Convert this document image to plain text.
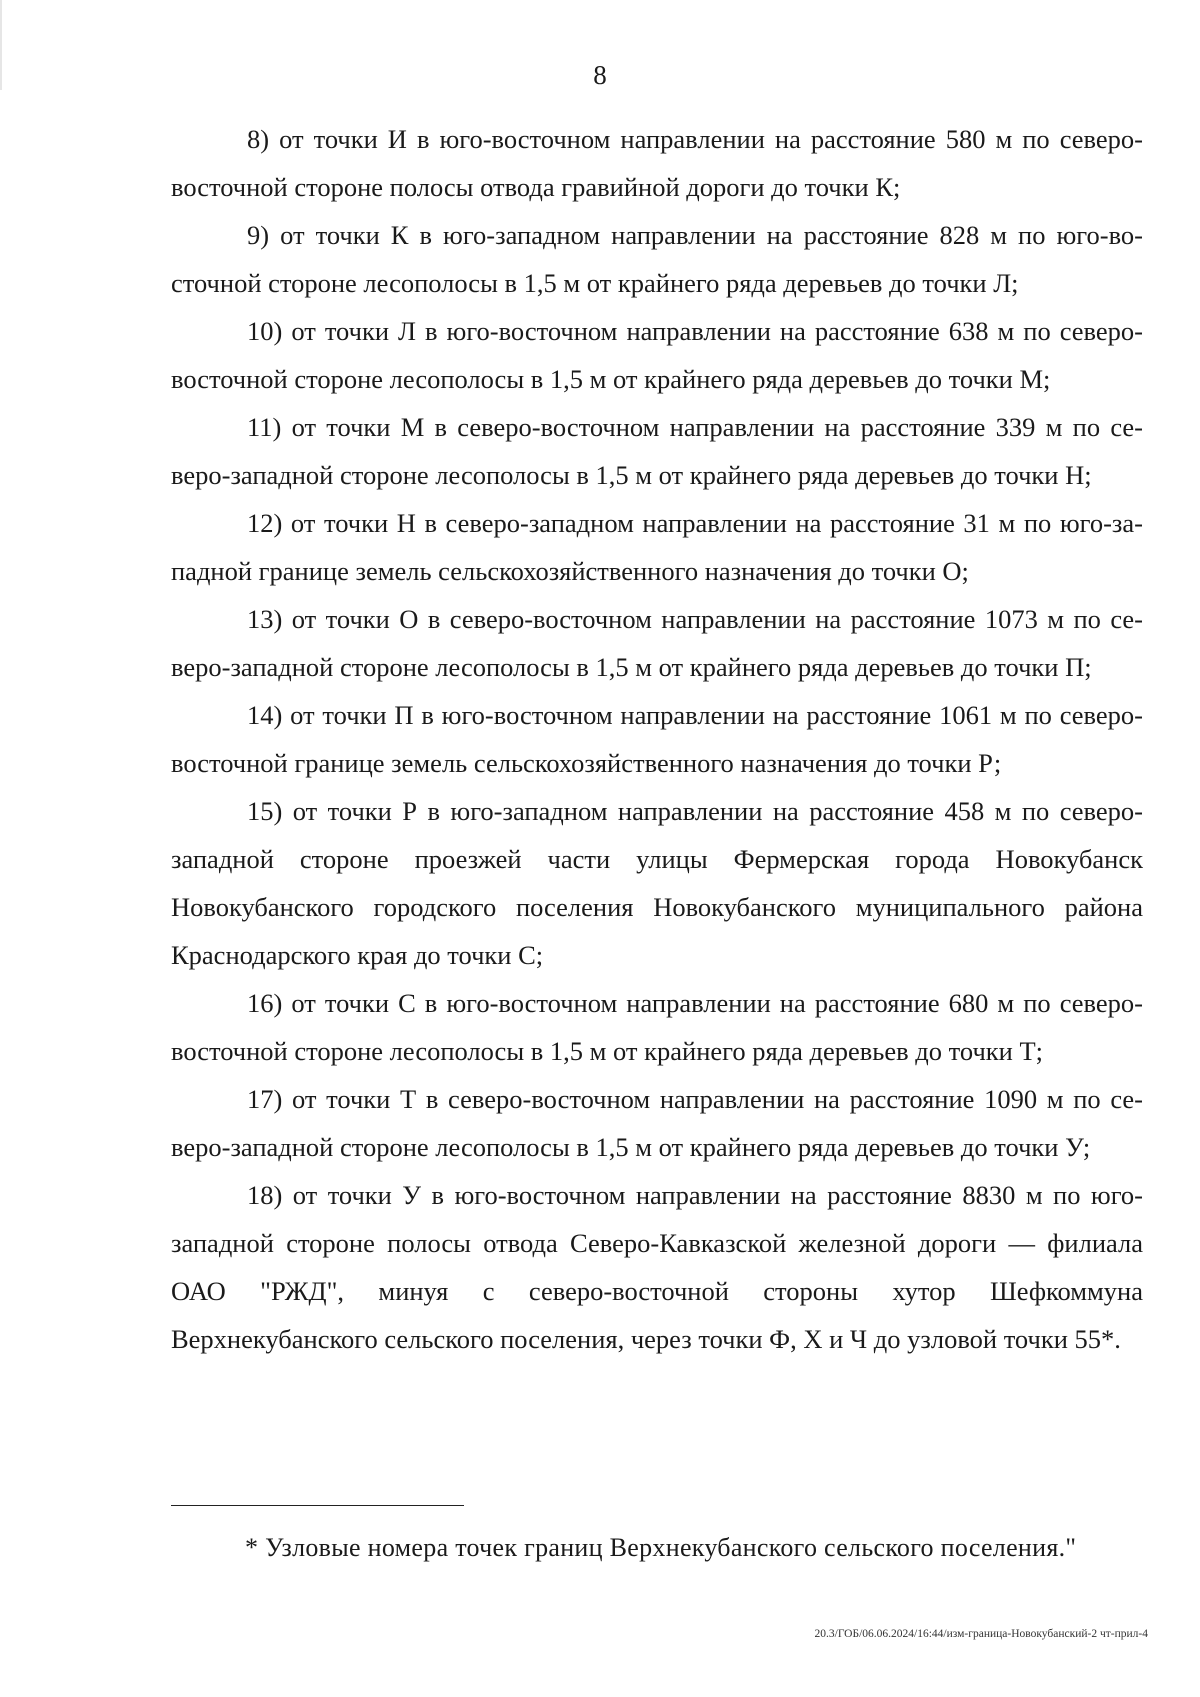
8

8) от точки И в юго-восточном направлении на расстояние 580 м по северо-восточной стороне полосы отвода гравийной дороги до точки К;

9) от точки К в юго-западном направлении на расстояние 828 м по юго-восточной стороне лесополосы в 1,5 м от крайнего ряда деревьев до точки Л;

10) от точки Л в юго-восточном направлении на расстояние 638 м по северо-восточной стороне лесополосы в 1,5 м от крайнего ряда деревьев до точки М;

11) от точки М в северо-восточном направлении на расстояние 339 м по северо-западной стороне лесополосы в 1,5 м от крайнего ряда деревьев до точки Н;

12) от точки Н в северо-западном направлении на расстояние 31 м по юго-западной границе земель сельскохозяйственного назначения до точки О;

13) от точки О в северо-восточном направлении на расстояние 1073 м по северо-западной стороне лесополосы в 1,5 м от крайнего ряда деревьев до точки П;

14) от точки П в юго-восточном направлении на расстояние 1061 м по северо-восточной границе земель сельскохозяйственного назначения до точки Р;

15) от точки Р в юго-западном направлении на расстояние 458 м по северо-западной стороне проезжей части улицы Фермерская города Новокубанск Новокубанского городского поселения Новокубанского муниципального района Краснодарского края до точки С;

16) от точки С в юго-восточном направлении на расстояние 680 м по северо-восточной стороне лесополосы в 1,5 м от крайнего ряда деревьев до точки Т;

17) от точки Т в северо-восточном направлении на расстояние 1090 м по северо-западной стороне лесополосы в 1,5 м от крайнего ряда деревьев до точки У;

18) от точки У в юго-восточном направлении на расстояние 8830 м по юго-западной стороне полосы отвода Северо-Кавказской железной дороги — филиала ОАО "РЖД", минуя с северо-восточной стороны хутор Шефкоммуна Верхнекубанского сельского поселения, через точки Ф, Х и Ч до узловой точки 55*.

* Узловые номера точек границ Верхнекубанского сельского поселения."
20.3/ГОБ/06.06.2024/16:44/изм-граница-Новокубанский-2 чт-прил-4
